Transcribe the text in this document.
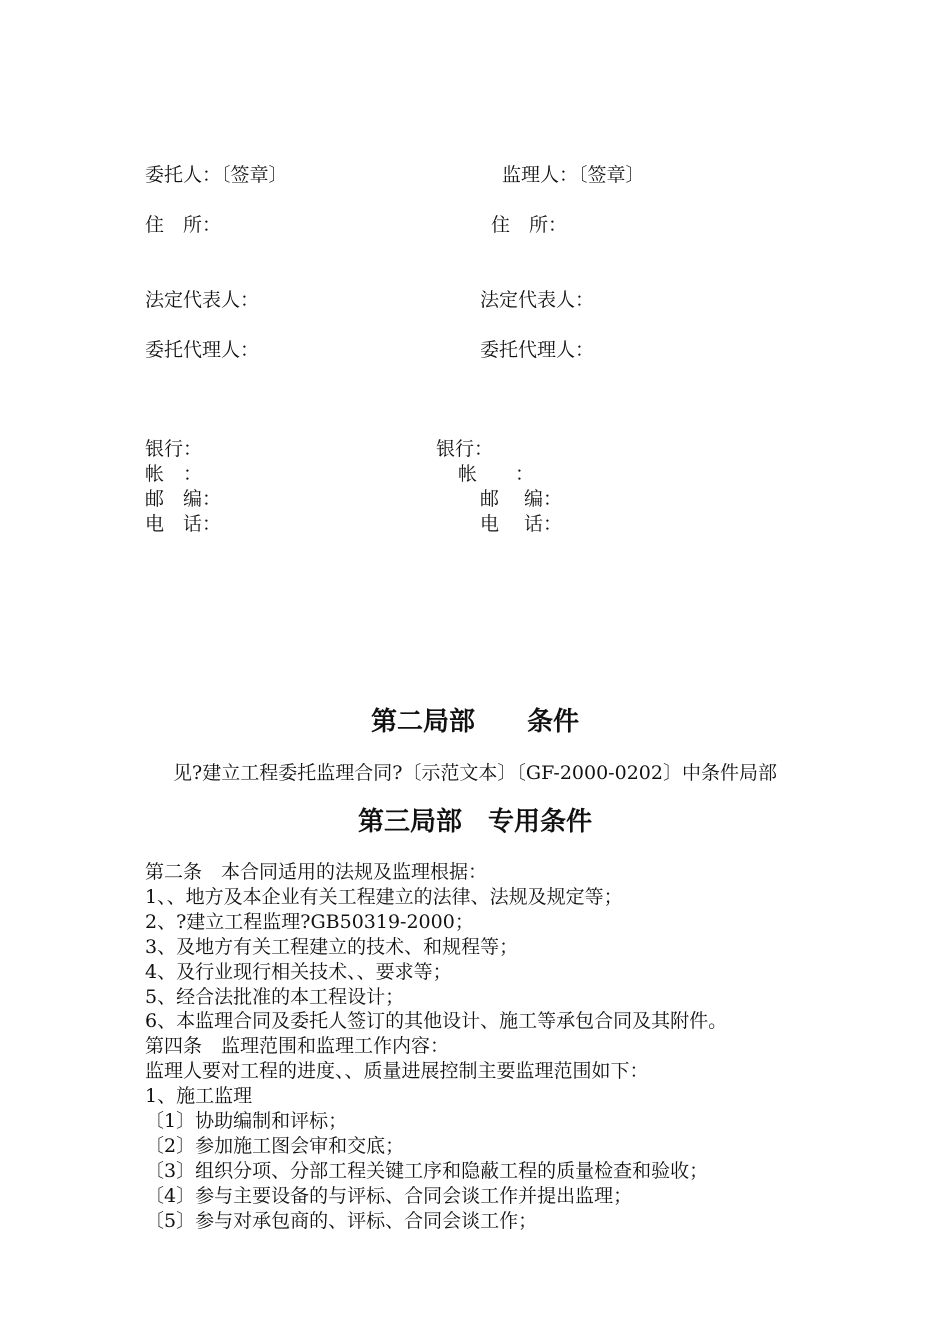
委托人：〔签章〕
住　所：
法定代表人：
委托代理人：
银行：
帐　：
邮　编：
电　话：
监理人：〔签章〕
住　所：
法定代表人：
委托代理人：
银行：
帐　　：
邮　 编：
电　 话：
第二局部　　条件
见?建立工程委托监理合同?〔示范文本〕〔GF-2000-0202〕中条件局部
第三局部　专用条件
第二条　本合同适用的法规及监理根据：
1、、地方及本企业有关工程建立的法律、法规及规定等；
2、?建立工程监理?GB50319-2000；
3、及地方有关工程建立的技术、和规程等；
4、及行业现行相关技术、、要求等；
5、经合法批准的本工程设计；
6、本监理合同及委托人签订的其他设计、施工等承包合同及其附件。
第四条　监理范围和监理工作内容：
监理人要对工程的进度、、质量进展控制主要监理范围如下：
1、施工监理
〔1〕协助编制和评标；
〔2〕参加施工图会审和交底；
〔3〕组织分项、分部工程关键工序和隐蔽工程的质量检查和验收；
〔4〕参与主要设备的与评标、合同会谈工作并提出监理；
〔5〕参与对承包商的、评标、合同会谈工作；
